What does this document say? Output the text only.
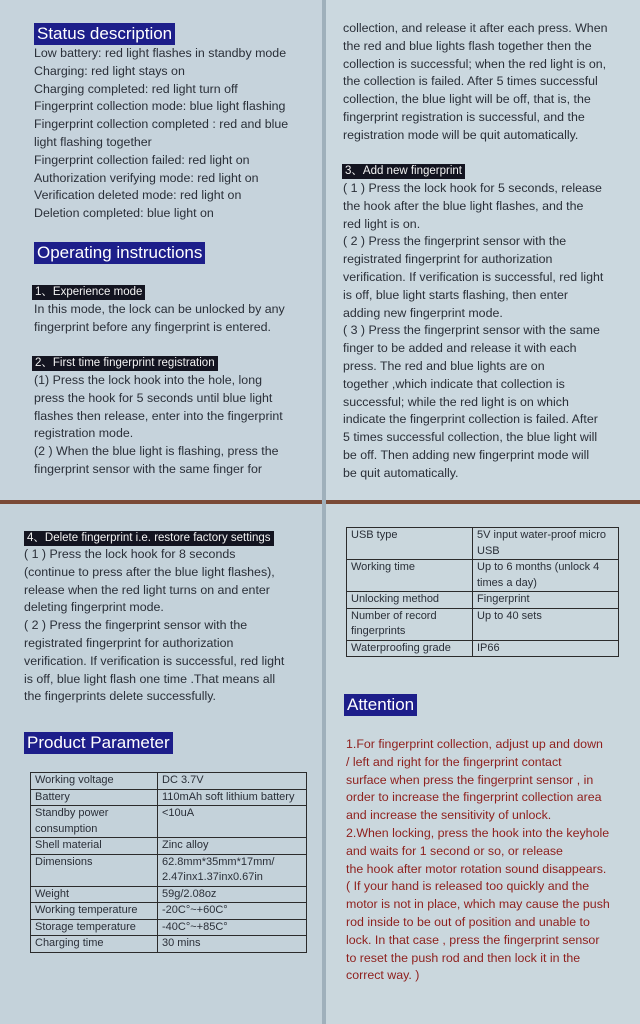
Status description
Low battery: red light flashes in standby mode
Charging: red light stays on
Charging completed: red light turn off
Fingerprint collection mode: blue light flashing
Fingerprint collection completed : red and blue
light flashing together
Fingerprint collection failed: red light on
Authorization verifying mode: red light on
Verification deleted mode: red light on
Deletion completed: blue light on
Operating instructions
1、Experience mode
In this mode, the lock can be unlocked by any
fingerprint before any fingerprint is entered.
2、First time fingerprint registration
(1) Press the lock hook into the hole, long
press the hook for 5 seconds until blue light
flashes then release, enter into the fingerprint
registration mode.
(2 ) When the blue light is flashing, press the
fingerprint sensor with the same finger for
collection, and release it after each press. When
the red and blue lights flash together then the
collection is successful; when the red light is on,
the collection is failed. After 5 times successful
collection, the blue light will be off, that is, the
fingerprint registration is successful, and the
registration mode will be quit automatically.
3、Add new fingerprint
( 1 ) Press the lock hook for 5 seconds, release
the hook after the blue light flashes, and the
red light is on.
( 2 ) Press the fingerprint sensor with the
registrated fingerprint for authorization
verification. If verification is successful, red light
is off, blue light starts flashing, then enter
adding new fingerprint mode.
( 3 ) Press the fingerprint sensor with the same
finger to be added and release it with each
press. The red and blue lights are on
together ,which indicate that collection is
successful; while the red light is on which
indicate the fingerprint collection is failed. After
5 times successful collection, the blue light will
be off. Then adding new fingerprint mode will
be quit automatically.
4、Delete fingerprint i.e. restore factory settings
( 1 ) Press the lock hook for 8 seconds
(continue to press after the blue light flashes),
release when the red light turns on and enter
deleting fingerprint mode.
( 2 ) Press the fingerprint sensor with the
registrated fingerprint for authorization
verification. If verification is successful, red light
is off, blue light flash one time .That means all
the fingerprints delete successfully.
Product Parameter
Working voltage	DC 3.7V
Battery	110mAh soft lithium battery
Standby power consumption	<10uA
Shell material	Zinc alloy
Dimensions	62.8mm*35mm*17mm/ 2.47inx1.37inx0.67in
Weight	59g/2.08oz
Working temperature	-20C°~+60C°
Storage temperature	-40C°~+85C°
Charging time	30 mins
USB type	5V input water-proof micro USB
Working time	Up to 6 months (unlock 4 times a day)
Unlocking method	Fingerprint
Number of record fingerprints	Up to 40 sets
Waterproofing grade	IP66
Attention
1.For fingerprint collection, adjust up and down
/ left and right for the fingerprint contact
surface when press the fingerprint sensor , in
order to increase the fingerprint collection area
and increase the sensitivity of unlock.
2.When locking, press the hook into the keyhole
and waits for 1 second or so, or release
the hook after motor rotation sound disappears.
( If your hand is released too quickly and the
motor is not in place, which may cause the push
rod inside to be out of position and unable to
lock. In that case , press the fingerprint sensor
to reset the push rod and then lock it in the
correct way. )
